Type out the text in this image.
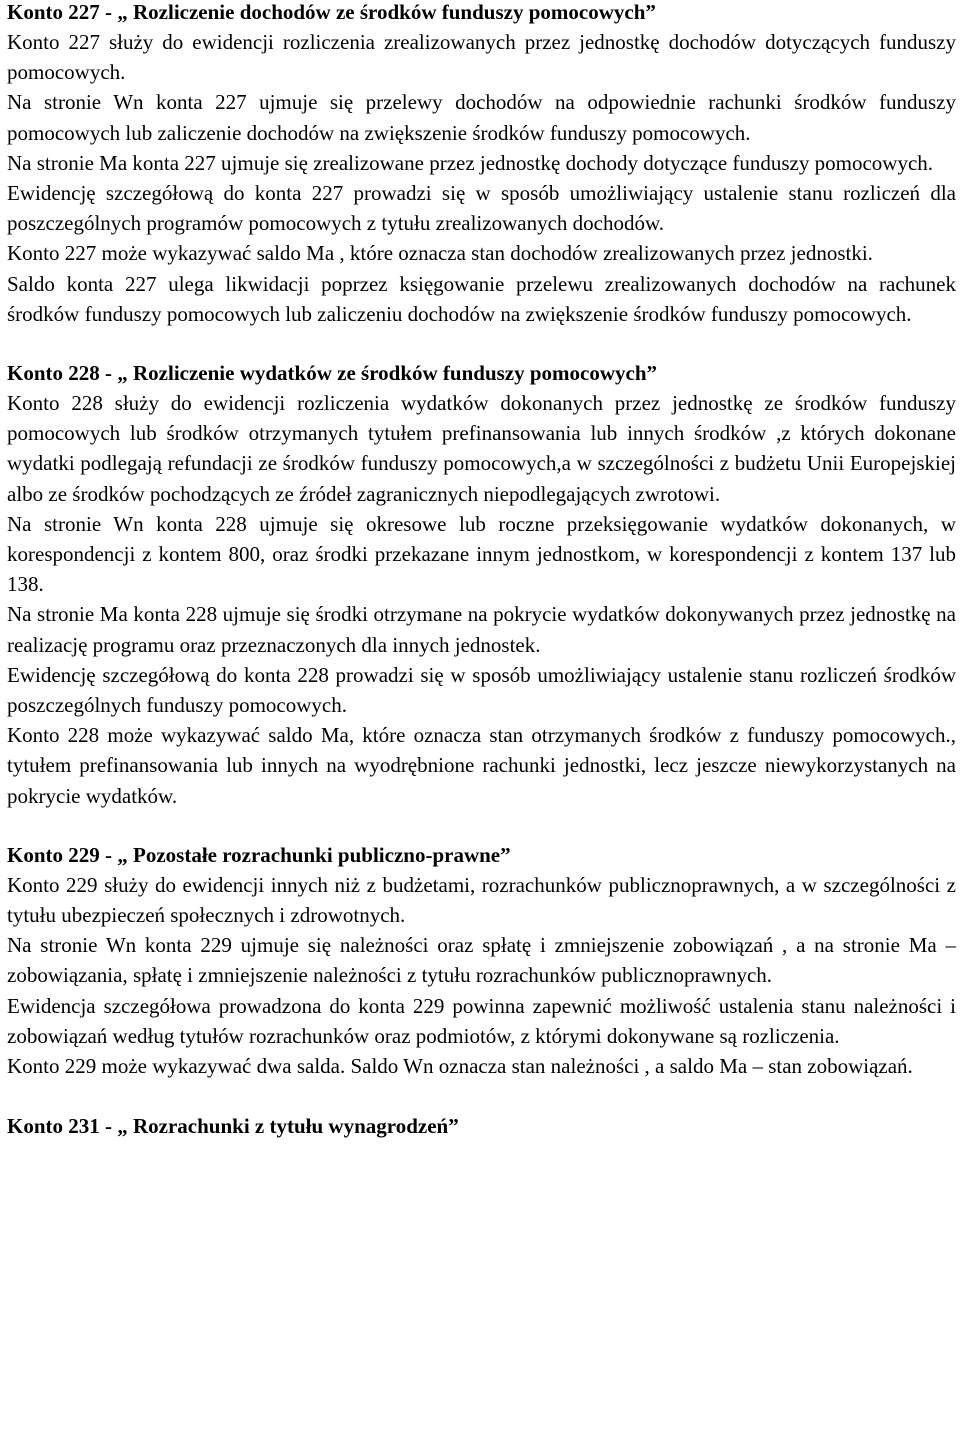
Konto 227 - „ Rozliczenie dochodów ze środków funduszy pomocowych”

Konto 227 służy do ewidencji rozliczenia zrealizowanych przez jednostkę dochodów dotyczących funduszy pomocowych.

Na stronie Wn konta 227 ujmuje się przelewy dochodów na odpowiednie rachunki środków funduszy pomocowych lub zaliczenie dochodów na zwiększenie środków funduszy pomocowych.

Na stronie Ma konta 227 ujmuje się zrealizowane przez jednostkę dochody dotyczące funduszy pomocowych.

Ewidencję szczegółową do konta 227 prowadzi się w sposób umożliwiający ustalenie stanu rozliczeń dla poszczególnych programów pomocowych z tytułu zrealizowanych dochodów.

Konto 227 może wykazywać saldo Ma , które oznacza stan dochodów zrealizowanych przez jednostki.

Saldo konta 227 ulega likwidacji poprzez księgowanie przelewu zrealizowanych dochodów na rachunek środków funduszy pomocowych lub zaliczeniu dochodów na zwiększenie środków funduszy pomocowych.

Konto 228 - „ Rozliczenie wydatków ze środków funduszy pomocowych”

Konto 228 służy do ewidencji rozliczenia wydatków dokonanych przez jednostkę ze środków funduszy pomocowych lub środków otrzymanych tytułem prefinansowania lub innych środków ,z których dokonane wydatki podlegają refundacji ze środków funduszy pomocowych,a w szczególności z budżetu Unii Europejskiej albo ze środków pochodzących ze źródeł zagranicznych niepodlegających zwrotowi.

Na stronie Wn konta 228 ujmuje się okresowe lub roczne przeksięgowanie wydatków dokonanych, w korespondencji z kontem 800, oraz środki przekazane innym jednostkom, w korespondencji z kontem 137 lub 138.

Na stronie Ma konta 228 ujmuje się środki otrzymane na pokrycie wydatków dokonywanych przez jednostkę na realizację programu oraz przeznaczonych dla innych jednostek.

Ewidencję szczegółową do konta 228 prowadzi się w sposób umożliwiający ustalenie stanu rozliczeń środków poszczególnych funduszy pomocowych.

Konto 228 może wykazywać saldo Ma, które oznacza stan otrzymanych środków z funduszy pomocowych., tytułem prefinansowania lub innych na wyodrębnione rachunki jednostki, lecz jeszcze niewykorzystanych na pokrycie wydatków.

Konto 229 - „ Pozostałe rozrachunki publiczno-prawne”

Konto 229 służy do ewidencji innych niż z budżetami, rozrachunków publicznoprawnych, a w szczególności z tytułu ubezpieczeń społecznych i zdrowotnych.

Na stronie Wn konta 229 ujmuje się należności oraz spłatę i zmniejszenie zobowiązań , a na stronie Ma – zobowiązania, spłatę i zmniejszenie należności z tytułu rozrachunków publicznoprawnych.

Ewidencja szczegółowa prowadzona do konta 229 powinna zapewnić możliwość ustalenia stanu należności i zobowiązań według tytułów rozrachunków oraz podmiotów, z którymi dokonywane są rozliczenia.

Konto 229 może wykazywać dwa salda. Saldo Wn oznacza stan należności , a saldo Ma – stan zobowiązań.

Konto 231 - „ Rozrachunki z tytułu wynagrodzeń”
